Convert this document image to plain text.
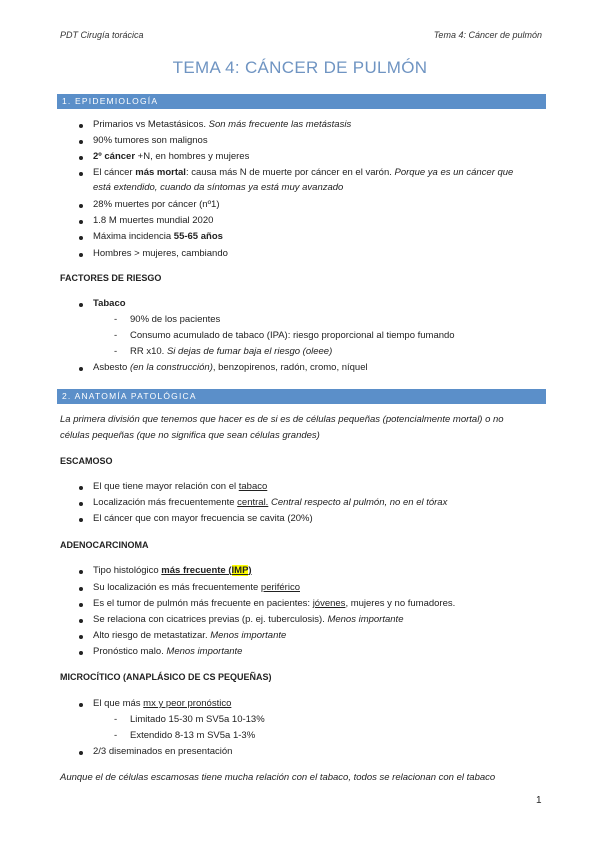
PDT Cirugía torácica	Tema 4: Cáncer de pulmón
TEMA 4: CÁNCER DE PULMÓN
1. EPIDEMIOLOGÍA
Primarios vs Metastásicos. Son más frecuente las metástasis
90% tumores son malignos
2º cáncer +N, en hombres y mujeres
El cáncer más mortal: causa más N de muerte por cáncer en el varón. Porque ya es un cáncer que
está extendido, cuando da síntomas ya está muy avanzado
28% muertes por cáncer (nº1)
1.8 M muertes mundial 2020
Máxima incidencia 55-65 años
Hombres > mujeres, cambiando
FACTORES DE RIESGO
Tabaco
- 90% de los pacientes
- Consumo acumulado de tabaco (IPA): riesgo proporcional al tiempo fumando
- RR x10. Si dejas de fumar baja el riesgo (oleee)
Asbesto (en la construcción), benzopirenos, radón, cromo, níquel
2. ANATOMÍA PATOLÓGICA
La primera división que tenemos que hacer es de si es de células pequeñas (potencialmente mortal) o no
células pequeñas (que no significa que sean células grandes)
ESCAMOSO
El que tiene mayor relación con el tabaco
Localización más frecuentemente central. Central respecto al pulmón, no en el tórax
El cáncer que con mayor frecuencia se cavita (20%)
ADENOCARCINOMA
Tipo histológico más frecuente (IMP)
Su localización es más frecuentemente periférico
Es el tumor de pulmón más frecuente en pacientes: jóvenes, mujeres y no fumadores.
Se relaciona con cicatrices previas (p. ej. tuberculosis). Menos importante
Alto riesgo de metastatizar. Menos importante
Pronóstico malo. Menos importante
MICROCÍTICO (ANAPLÁSICO DE CS PEQUEÑAS)
El que más mx y peor pronóstico
- Limitado 15-30 m SV5a 10-13%
- Extendido 8-13 m SV5a 1-3%
2/3 diseminados en presentación
Aunque el de células escamosas tiene mucha relación con el tabaco, todos se relacionan con el tabaco
1
